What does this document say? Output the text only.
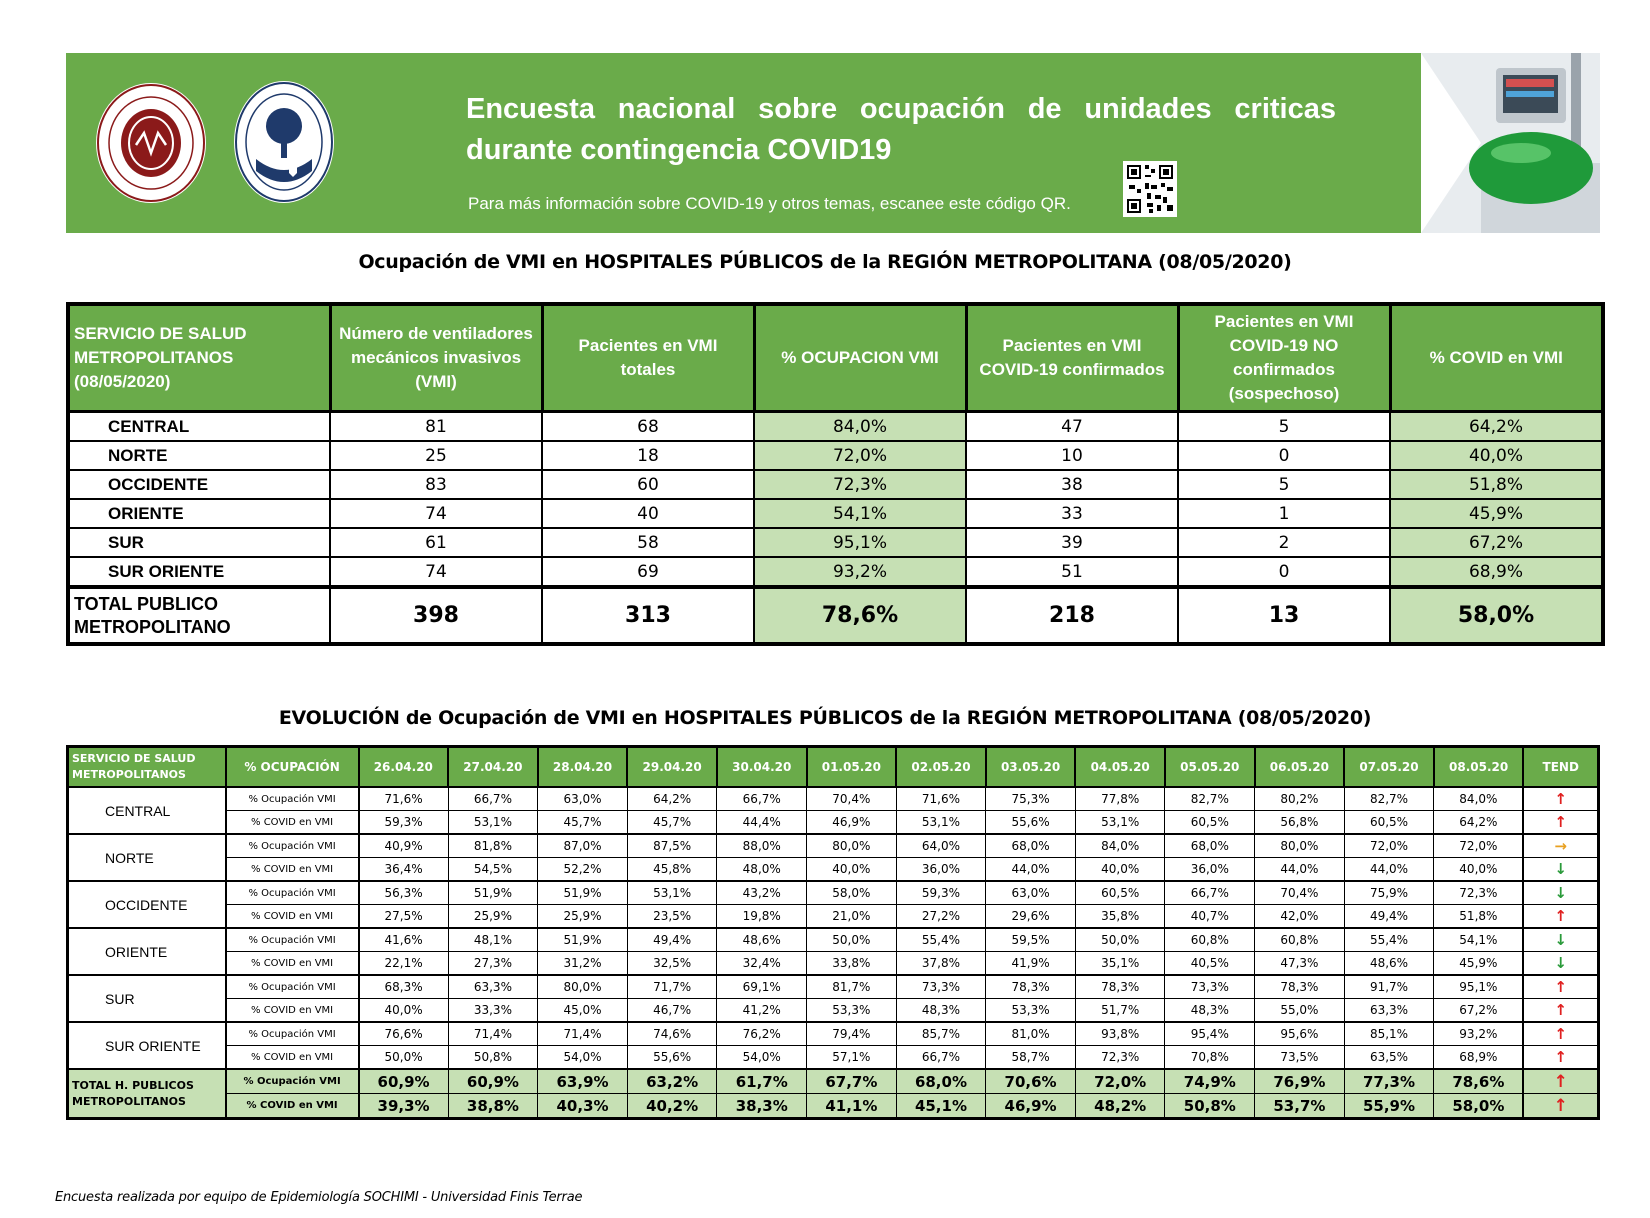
Encuesta nacional sobre ocupación de unidades criticas durante contingencia COVID19
Para más información sobre COVID-19 y otros temas, escanee este código QR.
Ocupación de VMI en HOSPITALES PÚBLICOS de la REGIÓN METROPOLITANA (08/05/2020)
SERVICIO DE SALUD METROPOLITANOS (08/05/2020)	Número de ventiladores mecánicos invasivos (VMI)	Pacientes en VMI totales	% OCUPACION VMI	Pacientes en VMI COVID-19 confirmados	Pacientes en VMI COVID-19 NO confirmados (sospechoso)	% COVID en VMI
CENTRAL	81	68	84,0%	47	5	64,2%
NORTE	25	18	72,0%	10	0	40,0%
OCCIDENTE	83	60	72,3%	38	5	51,8%
ORIENTE	74	40	54,1%	33	1	45,9%
SUR	61	58	95,1%	39	2	67,2%
SUR ORIENTE	74	69	93,2%	51	0	68,9%
TOTAL PUBLICO METROPOLITANO	398	313	78,6%	218	13	58,0%
EVOLUCIÓN de Ocupación de VMI en HOSPITALES PÚBLICOS de la REGIÓN METROPOLITANA (08/05/2020)
SERVICIO DE SALUD METROPOLITANOS	% OCUPACIÓN	26.04.20	27.04.20	28.04.20	29.04.20	30.04.20	01.05.20	02.05.20	03.05.20	04.05.20	05.05.20	06.05.20	07.05.20	08.05.20	TEND
CENTRAL	% Ocupación VMI	71,6%	66,7%	63,0%	64,2%	66,7%	70,4%	71,6%	75,3%	77,8%	82,7%	80,2%	82,7%	84,0%	↑
	% COVID en VMI	59,3%	53,1%	45,7%	45,7%	44,4%	46,9%	53,1%	55,6%	53,1%	60,5%	56,8%	60,5%	64,2%	↑
NORTE	% Ocupación VMI	40,9%	81,8%	87,0%	87,5%	88,0%	80,0%	64,0%	68,0%	84,0%	68,0%	80,0%	72,0%	72,0%	→
	% COVID en VMI	36,4%	54,5%	52,2%	45,8%	48,0%	40,0%	36,0%	44,0%	40,0%	36,0%	44,0%	44,0%	40,0%	↓
OCCIDENTE	% Ocupación VMI	56,3%	51,9%	51,9%	53,1%	43,2%	58,0%	59,3%	63,0%	60,5%	66,7%	70,4%	75,9%	72,3%	↓
	% COVID en VMI	27,5%	25,9%	25,9%	23,5%	19,8%	21,0%	27,2%	29,6%	35,8%	40,7%	42,0%	49,4%	51,8%	↑
ORIENTE	% Ocupación VMI	41,6%	48,1%	51,9%	49,4%	48,6%	50,0%	55,4%	59,5%	50,0%	60,8%	60,8%	55,4%	54,1%	↓
	% COVID en VMI	22,1%	27,3%	31,2%	32,5%	32,4%	33,8%	37,8%	41,9%	35,1%	40,5%	47,3%	48,6%	45,9%	↓
SUR	% Ocupación VMI	68,3%	63,3%	80,0%	71,7%	69,1%	81,7%	73,3%	78,3%	78,3%	73,3%	78,3%	91,7%	95,1%	↑
	% COVID en VMI	40,0%	33,3%	45,0%	46,7%	41,2%	53,3%	48,3%	53,3%	51,7%	48,3%	55,0%	63,3%	67,2%	↑
SUR ORIENTE	% Ocupación VMI	76,6%	71,4%	71,4%	74,6%	76,2%	79,4%	85,7%	81,0%	93,8%	95,4%	95,6%	85,1%	93,2%	↑
	% COVID en VMI	50,0%	50,8%	54,0%	55,6%	54,0%	57,1%	66,7%	58,7%	72,3%	70,8%	73,5%	63,5%	68,9%	↑
TOTAL H. PUBLICOS METROPOLITANOS	% Ocupación VMI	60,9%	60,9%	63,9%	63,2%	61,7%	67,7%	68,0%	70,6%	72,0%	74,9%	76,9%	77,3%	78,6%	↑
	% COVID en VMI	39,3%	38,8%	40,3%	40,2%	38,3%	41,1%	45,1%	46,9%	48,2%	50,8%	53,7%	55,9%	58,0%	↑
Encuesta realizada por equipo de Epidemiología SOCHIMI - Universidad Finis Terrae
